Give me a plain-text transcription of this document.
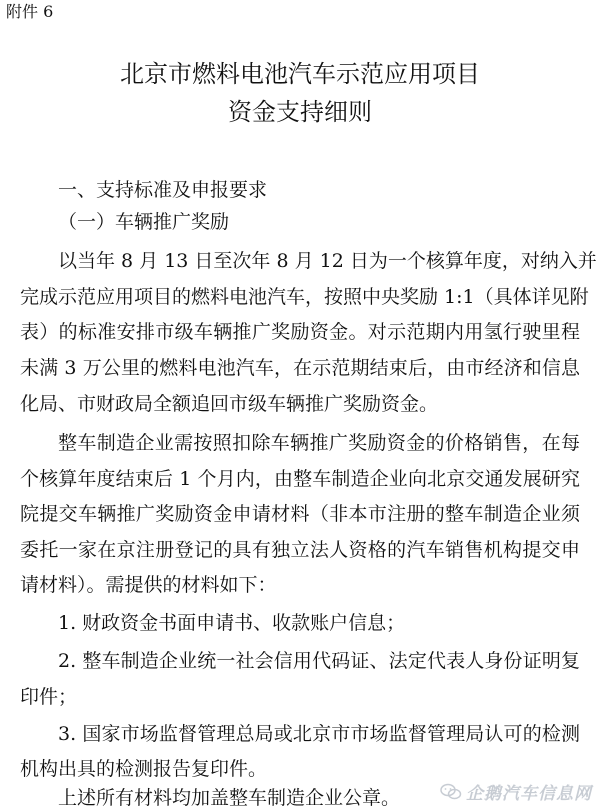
附件 6
北京市燃料电池汽车示范应用项目
资金支持细则
一、支持标准及申报要求
（一）车辆推广奖励
以当年 8 月 13 日至次年 8 月 12 日为一个核算年度，对纳入并
完成示范应用项目的燃料电池汽车，按照中央奖励 1:1（具体详见附
表）的标准安排市级车辆推广奖励资金。对示范期内用氢行驶里程
未满 3 万公里的燃料电池汽车，在示范期结束后，由市经济和信息
化局、市财政局全额追回市级车辆推广奖励资金。
整车制造企业需按照扣除车辆推广奖励资金的价格销售，在每
个核算年度结束后 1 个月内，由整车制造企业向北京交通发展研究
院提交车辆推广奖励资金申请材料（非本市注册的整车制造企业须
委托一家在京注册登记的具有独立法人资格的汽车销售机构提交申
请材料）。需提供的材料如下：
1. 财政资金书面申请书、收款账户信息；
2. 整车制造企业统一社会信用代码证、法定代表人身份证明复
印件；
3. 国家市场监督管理总局或北京市市场监督管理局认可的检测
机构出具的检测报告复印件。
上述所有材料均加盖整车制造企业公章。	企鹅汽车信息网
